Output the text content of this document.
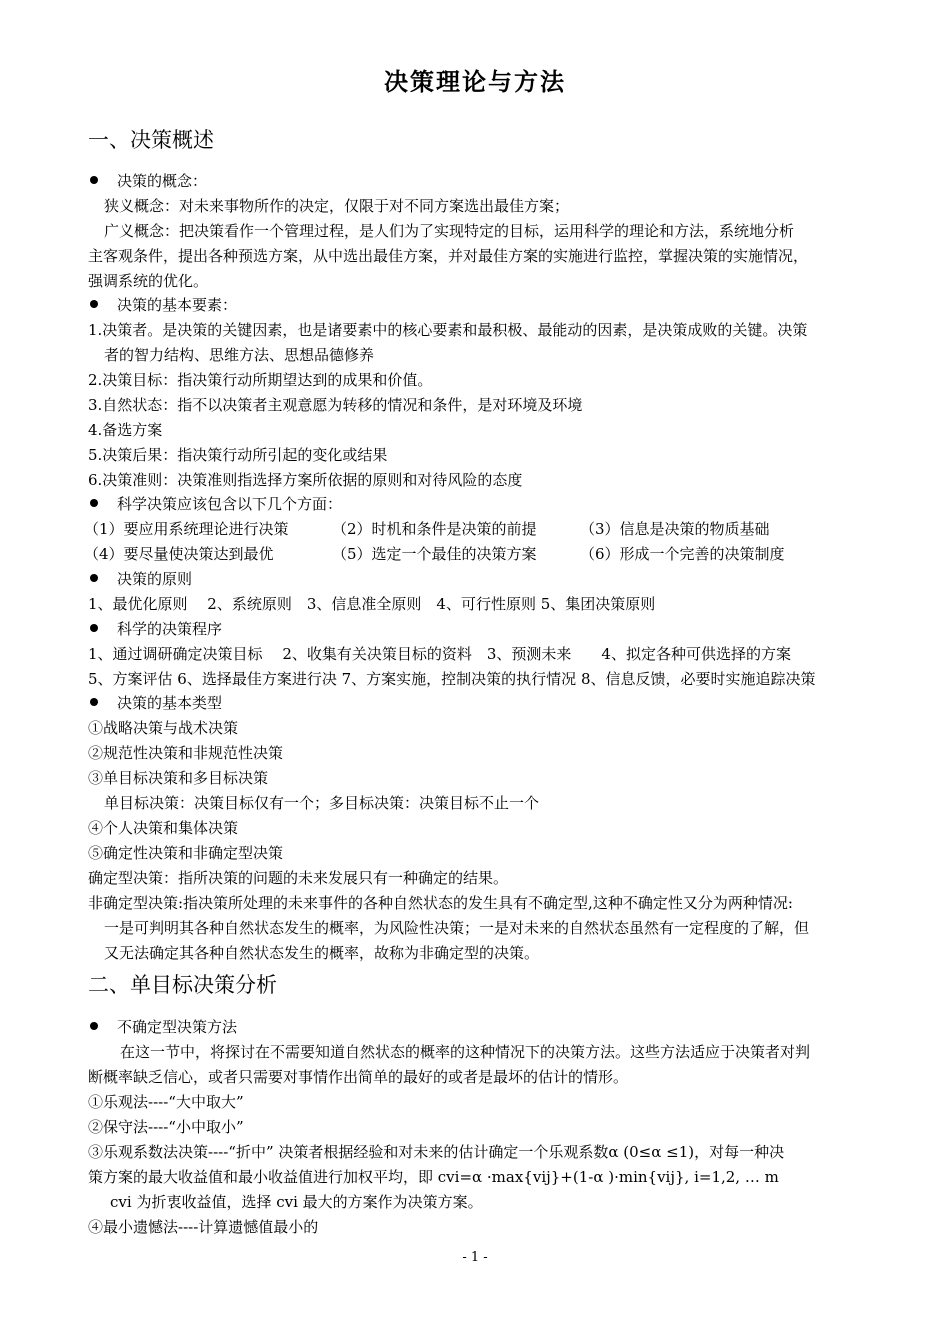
决策理论与方法
一、决策概述
决策的概念：
狭义概念：对未来事物所作的决定，仅限于对不同方案选出最佳方案；
广义概念：把决策看作一个管理过程，是人们为了实现特定的目标，运用科学的理论和方法，系统地分析
主客观条件，提出各种预选方案，从中选出最佳方案，并对最佳方案的实施进行监控，掌握决策的实施情况，
强调系统的优化。
决策的基本要素：
1.决策者。是决策的关键因素，也是诸要素中的核心要素和最积极、最能动的因素，是决策成败的关键。决策
者的智力结构、思维方法、思想品德修养
2.决策目标：指决策行动所期望达到的成果和价值。
3.自然状态：指不以决策者主观意愿为转移的情况和条件，是对环境及环境
4.备选方案
5.决策后果：指决策行动所引起的变化或结果
6.决策准则：决策准则指选择方案所依据的原则和对待风险的态度
科学决策应该包含以下几个方面：
（1）要应用系统理论进行决策	（2）时机和条件是决策的前提	（3）信息是决策的物质基础
（4）要尽量使决策达到最优	（5）选定一个最佳的决策方案	（6）形成一个完善的决策制度
决策的原则
1、最优化原则　 2、系统原则　3、信息准全原则　4、可行性原则 5、集团决策原则
科学的决策程序
1、通过调研确定决策目标　 2、收集有关决策目标的资料　3、预测未来　　4、拟定各种可供选择的方案
5、方案评估 6、选择最佳方案进行决 7、方案实施，控制决策的执行情况 8、信息反馈，必要时实施追踪决策
决策的基本类型
①战略决策与战术决策
②规范性决策和非规范性决策
③单目标决策和多目标决策
单目标决策：决策目标仅有一个；多目标决策：决策目标不止一个
④个人决策和集体决策
⑤确定性决策和非确定型决策
确定型决策：指所决策的问题的未来发展只有一种确定的结果。
非确定型决策:指决策所处理的未来事件的各种自然状态的发生具有不确定型,这种不确定性又分为两种情况:
一是可判明其各种自然状态发生的概率，为风险性决策；一是对未来的自然状态虽然有一定程度的了解，但
又无法确定其各种自然状态发生的概率，故称为非确定型的决策。
二、单目标决策分析
不确定型决策方法
在这一节中，将探讨在不需要知道自然状态的概率的这种情况下的决策方法。这些方法适应于决策者对判
断概率缺乏信心，或者只需要对事情作出简单的最好的或者是最坏的估计的情形。
①乐观法----“大中取大”
②保守法----“小中取小”
③乐观系数法决策----“折中” 决策者根据经验和对未来的估计确定一个乐观系数α (0≤α ≤1)，对每一种决
策方案的最大收益值和最小收益值进行加权平均，即 cvi=α ·max{vij}+(1-α )·min{vij}, i=1,2, … m
cvi 为折衷收益值，选择 cvi 最大的方案作为决策方案。
④最小遗憾法----计算遗憾值最小的
- 1 -
